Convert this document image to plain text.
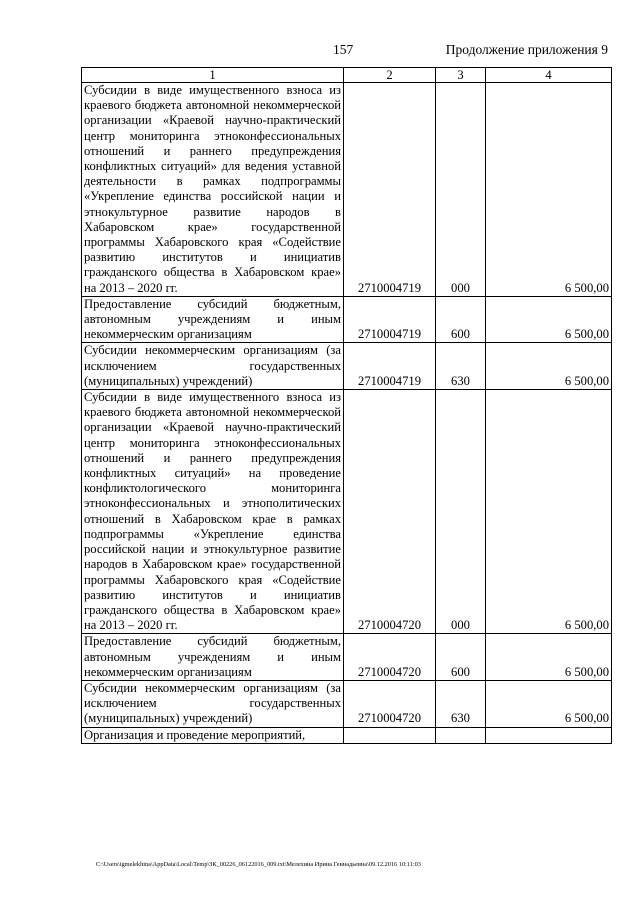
157	Продолжение приложения 9
1	2	3	4
Субсидии в виде имущественного взноса из краевого бюджета автономной некоммерческой организации «Краевой научно-практический центр мониторинга этноконфессиональных отношений и раннего предупреждения конфликтных ситуаций» для ведения уставной деятельности в рамках подпрограммы «Укрепление единства российской нации и этнокультурное развитие народов в Хабаровском крае» государственной программы Хабаровского края «Содействие развитию институтов и инициатив гражданского общества в Хабаровском крае» на 2013 – 2020 гг.	2710004719	000	6 500,00
Предоставление субсидий бюджетным, автономным учреждениям и иным некоммерческим организациям	2710004719	600	6 500,00
Субсидии некоммерческим организациям (за исключением государственных (муниципальных) учреждений)	2710004719	630	6 500,00
Субсидии в виде имущественного взноса из краевого бюджета автономной некоммерческой организации «Краевой научно-практический центр мониторинга этноконфессиональных отношений и раннего предупреждения конфликтных ситуаций» на проведение конфликтологического мониторинга этноконфессиональных и этнополитических отношений в Хабаровском крае в рамках подпрограммы «Укрепление единства российской нации и этнокультурное развитие народов в Хабаровском крае» государственной программы Хабаровского края «Содействие развитию институтов и инициатив гражданского общества в Хабаровском крае» на 2013 – 2020 гг.	2710004720	000	6 500,00
Предоставление субсидий бюджетным, автономным учреждениям и иным некоммерческим организациям	2710004720	600	6 500,00
Субсидии некоммерческим организациям (за исключением государственных (муниципальных) учреждений)	2710004720	630	6 500,00
Организация и проведение мероприятий,			
C:\Users\igmelekhina\AppData\Local\Temp\ЗК_00226_06122016_009.txt\Мелехина Ирина Геннадьевна\09.12.2016 10:11:03
